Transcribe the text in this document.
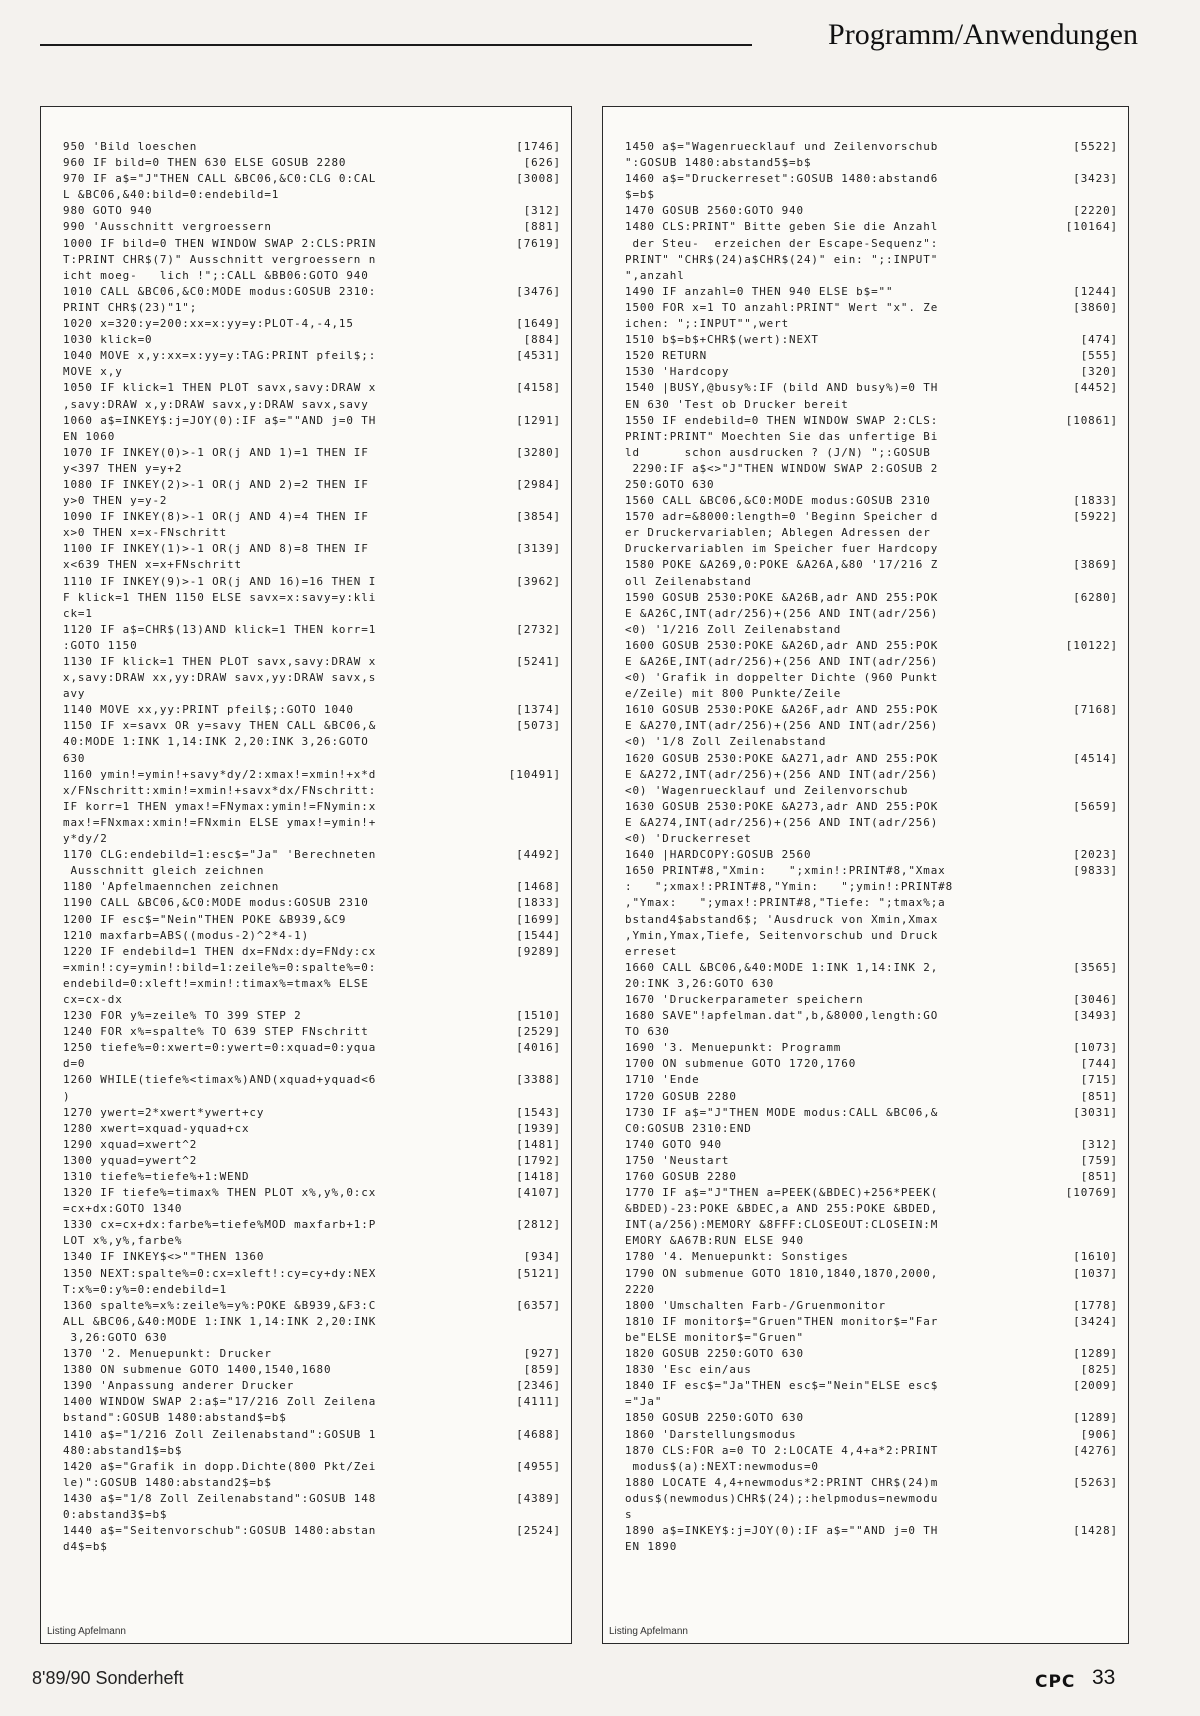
Programm/Anwendungen
950 'Bild loeschen	[1746]
960 IF bild=0 THEN 630 ELSE GOSUB 2280	[626]
970 IF a$="J"THEN CALL &BC06,&C0:CLG 0:CAL	[3008]
L &BC06,&40:bild=0:endebild=1
980 GOTO 940	[312]
990 'Ausschnitt vergroessern	[881]
1000 IF bild=0 THEN WINDOW SWAP 2:CLS:PRIN	[7619]
T:PRINT CHR$(7)" Ausschnitt vergroessern n
icht moeg-   lich !";:CALL &BB06:GOTO 940
1010 CALL &BC06,&C0:MODE modus:GOSUB 2310:	[3476]
PRINT CHR$(23)"1";
1020 x=320:y=200:xx=x:yy=y:PLOT-4,-4,15	[1649]
1030 klick=0	[884]
1040 MOVE x,y:xx=x:yy=y:TAG:PRINT pfeil$;:	[4531]
MOVE x,y
1050 IF klick=1 THEN PLOT savx,savy:DRAW x	[4158]
,savy:DRAW x,y:DRAW savx,y:DRAW savx,savy
1060 a$=INKEY$:j=JOY(0):IF a$=""AND j=0 TH	[1291]
EN 1060
1070 IF INKEY(0)>-1 OR(j AND 1)=1 THEN IF	[3280]
y<397 THEN y=y+2
1080 IF INKEY(2)>-1 OR(j AND 2)=2 THEN IF	[2984]
y>0 THEN y=y-2
1090 IF INKEY(8)>-1 OR(j AND 4)=4 THEN IF	[3854]
x>0 THEN x=x-FNschritt
1100 IF INKEY(1)>-1 OR(j AND 8)=8 THEN IF	[3139]
x<639 THEN x=x+FNschritt
1110 IF INKEY(9)>-1 OR(j AND 16)=16 THEN I	[3962]
F klick=1 THEN 1150 ELSE savx=x:savy=y:kli
ck=1
1120 IF a$=CHR$(13)AND klick=1 THEN korr=1	[2732]
:GOTO 1150
1130 IF klick=1 THEN PLOT savx,savy:DRAW x	[5241]
x,savy:DRAW xx,yy:DRAW savx,yy:DRAW savx,s
avy
1140 MOVE xx,yy:PRINT pfeil$;:GOTO 1040	[1374]
1150 IF x=savx OR y=savy THEN CALL &BC06,&	[5073]
40:MODE 1:INK 1,14:INK 2,20:INK 3,26:GOTO
630
1160 ymin!=ymin!+savy*dy/2:xmax!=xmin!+x*d	[10491]
x/FNschritt:xmin!=xmin!+savx*dx/FNschritt:
IF korr=1 THEN ymax!=FNymax:ymin!=FNymin:x
max!=FNxmax:xmin!=FNxmin ELSE ymax!=ymin!+
y*dy/2
1170 CLG:endebild=1:esc$="Ja" 'Berechneten	[4492]
Ausschnitt gleich zeichnen
1180 'Apfelmaennchen zeichnen	[1468]
1190 CALL &BC06,&C0:MODE modus:GOSUB 2310	[1833]
1200 IF esc$="Nein"THEN POKE &B939,&C9	[1699]
1210 maxfarb=ABS((modus-2)^2*4-1)	[1544]
1220 IF endebild=1 THEN dx=FNdx:dy=FNdy:cx	[9289]
=xmin!:cy=ymin!:bild=1:zeile%=0:spalte%=0:
endebild=0:xleft!=xmin!:timax%=tmax% ELSE
cx=cx-dx
1230 FOR y%=zeile% TO 399 STEP 2	[1510]
1240 FOR x%=spalte% TO 639 STEP FNschritt	[2529]
1250 tiefe%=0:xwert=0:ywert=0:xquad=0:yqua	[4016]
d=0
1260 WHILE(tiefe%<timax%)AND(xquad+yquad<6	[3388]
)
1270 ywert=2*xwert*ywert+cy	[1543]
1280 xwert=xquad-yquad+cx	[1939]
1290 xquad=xwert^2	[1481]
1300 yquad=ywert^2	[1792]
1310 tiefe%=tiefe%+1:WEND	[1418]
1320 IF tiefe%=timax% THEN PLOT x%,y%,0:cx	[4107]
=cx+dx:GOTO 1340
1330 cx=cx+dx:farbe%=tiefe%MOD maxfarb+1:P	[2812]
LOT x%,y%,farbe%
1340 IF INKEY$<>""THEN 1360	[934]
1350 NEXT:spalte%=0:cx=xleft!:cy=cy+dy:NEX	[5121]
T:x%=0:y%=0:endebild=1
1360 spalte%=x%:zeile%=y%:POKE &B939,&F3:C	[6357]
ALL &BC06,&40:MODE 1:INK 1,14:INK 2,20:INK
3,26:GOTO 630
1370 '2. Menuepunkt: Drucker	[927]
1380 ON submenue GOTO 1400,1540,1680	[859]
1390 'Anpassung anderer Drucker	[2346]
1400 WINDOW SWAP 2:a$="17/216 Zoll Zeilena	[4111]
bstand":GOSUB 1480:abstand$=b$
1410 a$="1/216 Zoll Zeilenabstand":GOSUB 1	[4688]
480:abstand1$=b$
1420 a$="Grafik in dopp.Dichte(800 Pkt/Zei	[4955]
le)":GOSUB 1480:abstand2$=b$
1430 a$="1/8 Zoll Zeilenabstand":GOSUB 148	[4389]
0:abstand3$=b$
1440 a$="Seitenvorschub":GOSUB 1480:abstan	[2524]
d4$=b$
Listing Apfelmann
1450 a$="Wagenruecklauf und Zeilenvorschub	[5522]
":GOSUB 1480:abstand5$=b$
1460 a$="Druckerreset":GOSUB 1480:abstand6	[3423]
$=b$
1470 GOSUB 2560:GOTO 940	[2220]
1480 CLS:PRINT" Bitte geben Sie die Anzahl	[10164]
der Steu-  erzeichen der Escape-Sequenz":
PRINT" "CHR$(24)a$CHR$(24)" ein: ";:INPUT"
",anzahl
1490 IF anzahl=0 THEN 940 ELSE b$=""	[1244]
1500 FOR x=1 TO anzahl:PRINT" Wert "x". Ze	[3860]
ichen: ";:INPUT"",wert
1510 b$=b$+CHR$(wert):NEXT	[474]
1520 RETURN	[555]
1530 'Hardcopy	[320]
1540 |BUSY,@busy%:IF (bild AND busy%)=0 TH	[4452]
EN 630 'Test ob Drucker bereit
1550 IF endebild=0 THEN WINDOW SWAP 2:CLS:	[10861]
PRINT:PRINT" Moechten Sie das unfertige Bi
ld      schon ausdrucken ? (J/N) ";:GOSUB
2290:IF a$<>"J"THEN WINDOW SWAP 2:GOSUB 2
250:GOTO 630
1560 CALL &BC06,&C0:MODE modus:GOSUB 2310	[1833]
1570 adr=&8000:length=0 'Beginn Speicher d	[5922]
er Druckervariablen; Ablegen Adressen der
Druckervariablen im Speicher fuer Hardcopy
1580 POKE &A269,0:POKE &A26A,&80 '17/216 Z	[3869]
oll Zeilenabstand
1590 GOSUB 2530:POKE &A26B,adr AND 255:POK	[6280]
E &A26C,INT(adr/256)+(256 AND INT(adr/256)
<0) '1/216 Zoll Zeilenabstand
1600 GOSUB 2530:POKE &A26D,adr AND 255:POK	[10122]
E &A26E,INT(adr/256)+(256 AND INT(adr/256)
<0) 'Grafik in doppelter Dichte (960 Punkt
e/Zeile) mit 800 Punkte/Zeile
1610 GOSUB 2530:POKE &A26F,adr AND 255:POK	[7168]
E &A270,INT(adr/256)+(256 AND INT(adr/256)
<0) '1/8 Zoll Zeilenabstand
1620 GOSUB 2530:POKE &A271,adr AND 255:POK	[4514]
E &A272,INT(adr/256)+(256 AND INT(adr/256)
<0) 'Wagenruecklauf und Zeilenvorschub
1630 GOSUB 2530:POKE &A273,adr AND 255:POK	[5659]
E &A274,INT(adr/256)+(256 AND INT(adr/256)
<0) 'Druckerreset
1640 |HARDCOPY:GOSUB 2560	[2023]
1650 PRINT#8,"Xmin:   ";xmin!:PRINT#8,"Xmax	[9833]
:   ";xmax!:PRINT#8,"Ymin:   ";ymin!:PRINT#8
,"Ymax:   ";ymax!:PRINT#8,"Tiefe: ";tmax%;a
bstand4$abstand6$; 'Ausdruck von Xmin,Xmax
,Ymin,Ymax,Tiefe, Seitenvorschub und Druck
erreset
1660 CALL &BC06,&40:MODE 1:INK 1,14:INK 2,	[3565]
20:INK 3,26:GOTO 630
1670 'Druckerparameter speichern	[3046]
1680 SAVE"!apfelman.dat",b,&8000,length:GO	[3493]
TO 630
1690 '3. Menuepunkt: Programm	[1073]
1700 ON submenue GOTO 1720,1760	[744]
1710 'Ende	[715]
1720 GOSUB 2280	[851]
1730 IF a$="J"THEN MODE modus:CALL &BC06,&	[3031]
C0:GOSUB 2310:END
1740 GOTO 940	[312]
1750 'Neustart	[759]
1760 GOSUB 2280	[851]
1770 IF a$="J"THEN a=PEEK(&BDEC)+256*PEEK(	[10769]
&BDED)-23:POKE &BDEC,a AND 255:POKE &BDED,
INT(a/256):MEMORY &8FFF:CLOSEOUT:CLOSEIN:M
EMORY &A67B:RUN ELSE 940
1780 '4. Menuepunkt: Sonstiges	[1610]
1790 ON submenue GOTO 1810,1840,1870,2000,	[1037]
2220
1800 'Umschalten Farb-/Gruenmonitor	[1778]
1810 IF monitor$="Gruen"THEN monitor$="Far	[3424]
be"ELSE monitor$="Gruen"
1820 GOSUB 2250:GOTO 630	[1289]
1830 'Esc ein/aus	[825]
1840 IF esc$="Ja"THEN esc$="Nein"ELSE esc$	[2009]
="Ja"
1850 GOSUB 2250:GOTO 630	[1289]
1860 'Darstellungsmodus	[906]
1870 CLS:FOR a=0 TO 2:LOCATE 4,4+a*2:PRINT	[4276]
modus$(a):NEXT:newmodus=0
1880 LOCATE 4,4+newmodus*2:PRINT CHR$(24)m	[5263]
odus$(newmodus)CHR$(24);:helpmodus=newmodu
s
1890 a$=INKEY$:j=JOY(0):IF a$=""AND j=0 TH	[1428]
EN 1890
Listing Apfelmann
8'89/90 Sonderheft	CPC 33
